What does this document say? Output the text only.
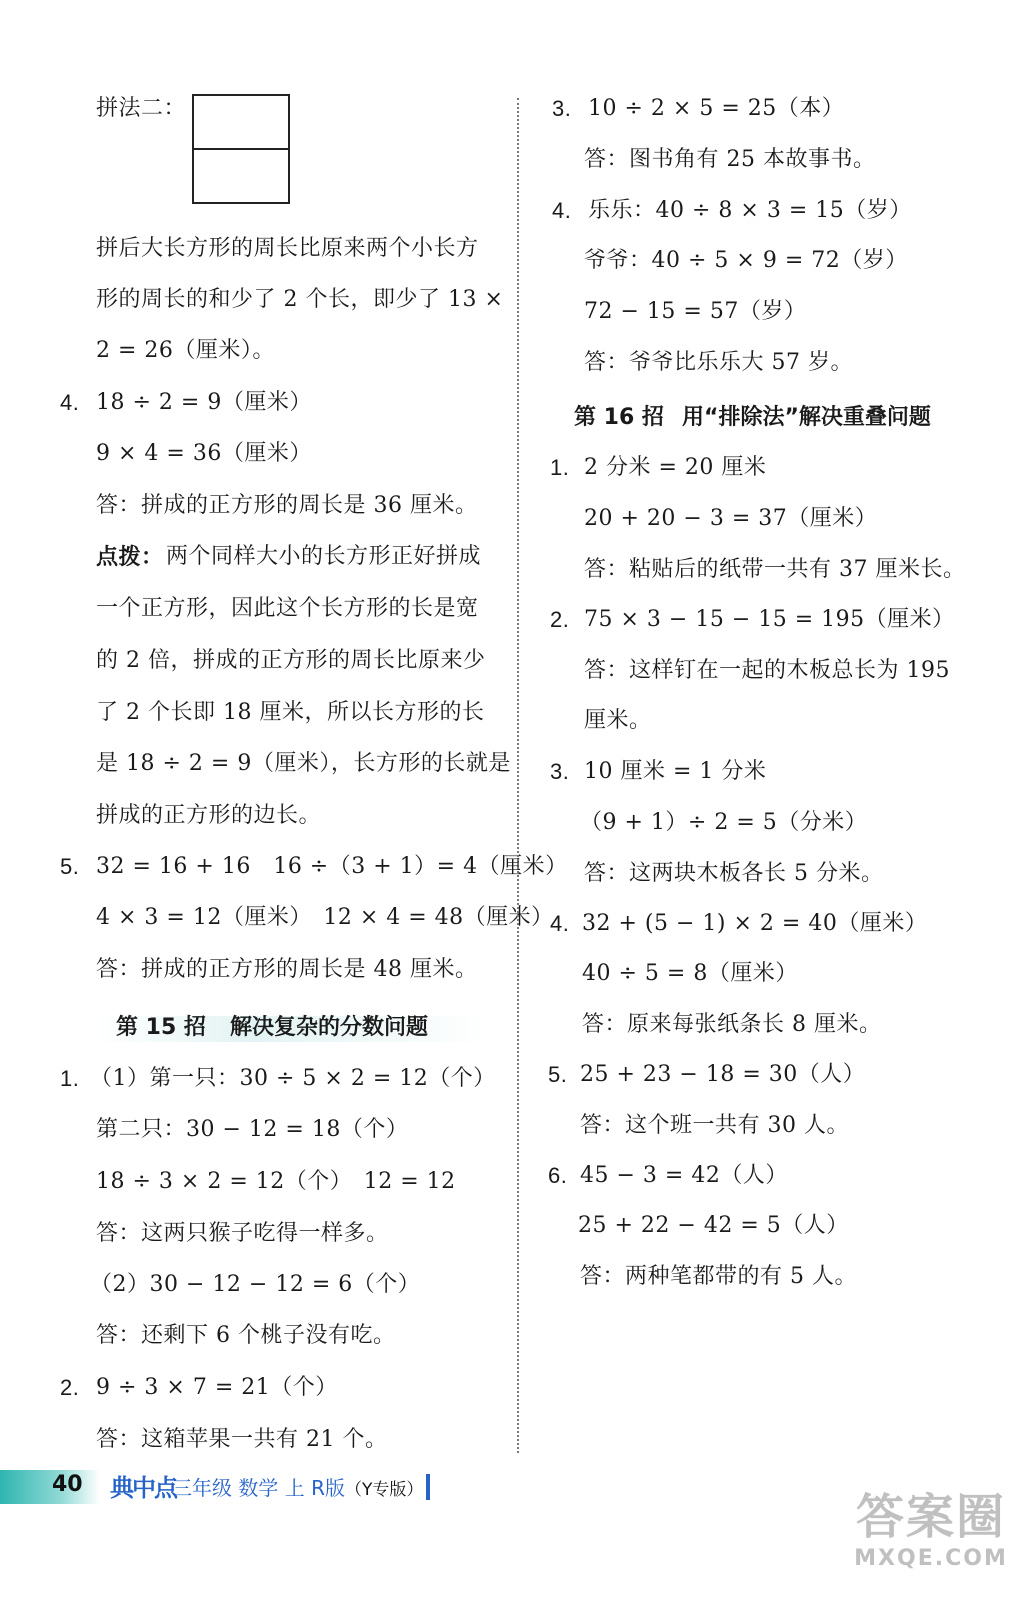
拼法二：
拼后大长方形的周长比原来两个小长方
形的周长的和少了 2 个长，即少了 13 ×
2 = 26（厘米）。
4. 18 ÷ 2 = 9（厘米）
9 × 4 = 36（厘米）
答：拼成的正方形的周长是 36 厘米。
点拨： 两个同样大小的长方形正好拼成
一个正方形，因此这个长方形的长是宽
的 2 倍，拼成的正方形的周长比原来少
了 2 个长即 18 厘米，所以长方形的长
是 18 ÷ 2 = 9（厘米），长方形的长就是
拼成的正方形的边长。
5. 32 = 16 + 16　16 ÷（3 + 1）= 4（厘米）
4 × 3 = 12（厘米）　12 × 4 = 48（厘米）
答：拼成的正方形的周长是 48 厘米。
第 15 招 解决复杂的分数问题
1. （1）第一只：30 ÷ 5 × 2 = 12（个）
第二只：30 − 12 = 18（个）
18 ÷ 3 × 2 = 12（个）　12 = 12
答：这两只猴子吃得一样多。
（2）30 − 12 − 12 = 6（个）
答：还剩下 6 个桃子没有吃。
2. 9 ÷ 3 × 7 = 21（个）
答：这箱苹果一共有 21 个。
3. 10 ÷ 2 × 5 = 25（本）
答：图书角有 25 本故事书。
4. 乐乐：40 ÷ 8 × 3 = 15（岁）
爷爷：40 ÷ 5 × 9 = 72（岁）
72 − 15 = 57（岁）
答：爷爷比乐乐大 57 岁。
第 16 招 用“排除法”解决重叠问题
1. 2 分米 = 20 厘米
20 + 20 − 3 = 37（厘米）
答：粘贴后的纸带一共有 37 厘米长。
2. 75 × 3 − 15 − 15 = 195（厘米）
答：这样钉在一起的木板总长为 195
厘米。
3. 10 厘米 = 1 分米
（9 + 1）÷ 2 = 5（分米）
答：这两块木板各长 5 分米。
4. 32 + (5 − 1) × 2 = 40（厘米）
40 ÷ 5 = 8（厘米）
答：原来每张纸条长 8 厘米。
5. 25 + 23 − 18 = 30（人）
答：这个班一共有 30 人。
6. 45 − 3 = 42（人）
25 + 22 − 42 = 5（人）
答：两种笔都带的有 5 人。
40 典中点
三年级 数学 上 R版（Y专版）	答案圈
MXQE.COM
